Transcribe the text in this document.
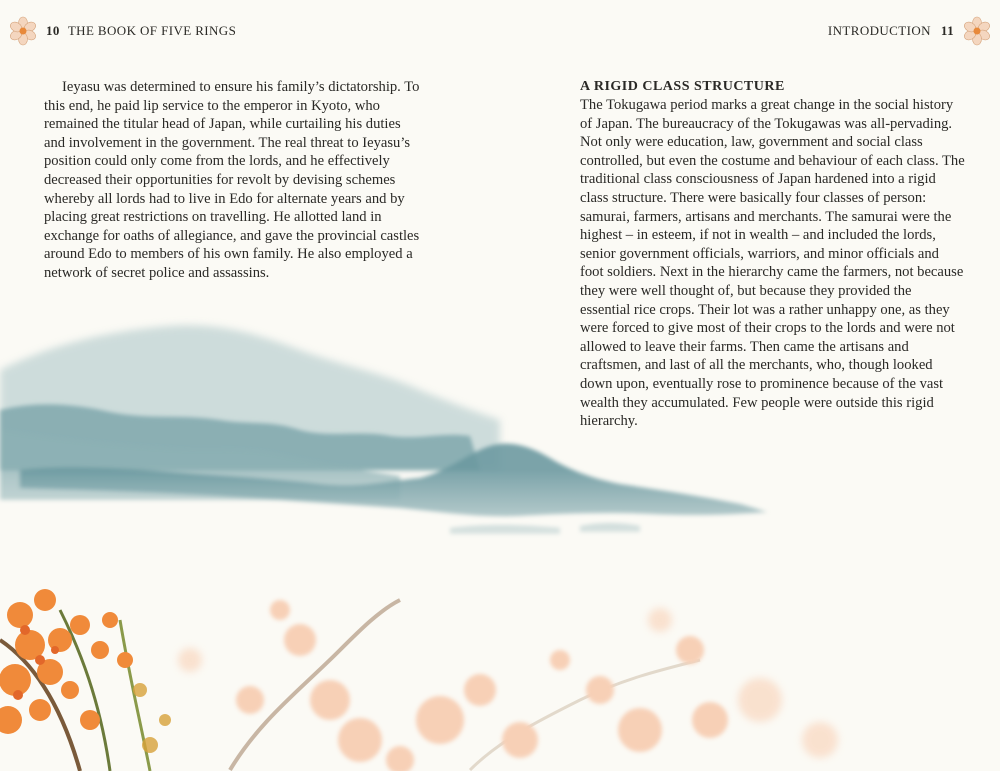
10 THE BOOK OF FIVE RINGS	INTRODUCTION 11

Ieyasu was determined to ensure his family’s dictatorship. To this end, he paid lip service to the emperor in Kyoto, who remained the titular head of Japan, while curtailing his duties and involvement in the government. The real threat to Ieyasu’s position could only come from the lords, and he effectively decreased their opportunities for revolt by devising schemes whereby all lords had to live in Edo for alternate years and by placing great restrictions on travelling. He allotted land in exchange for oaths of allegiance, and gave the provincial castles around Edo to members of his own family. He also employed a network of secret police and assassins.

A RIGID CLASS STRUCTURE

The Tokugawa period marks a great change in the social history of Japan. The bureaucracy of the Tokugawas was all-pervading. Not only were education, law, government and social class controlled, but even the costume and behaviour of each class. The traditional class consciousness of Japan hardened into a rigid class structure. There were basically four classes of person: samurai, farmers, artisans and merchants. The samurai were the highest – in esteem, if not in wealth – and included the lords, senior government officials, warriors, and minor officials and foot soldiers. Next in the hierarchy came the farmers, not because they were well thought of, but because they provided the essential rice crops. Their lot was a rather unhappy one, as they were forced to give most of their crops to the lords and were not allowed to leave their farms. Then came the artisans and craftsmen, and last of all the merchants, who, though looked down upon, eventually rose to prominence because of the vast wealth they accumulated. Few people were outside this rigid hierarchy.
